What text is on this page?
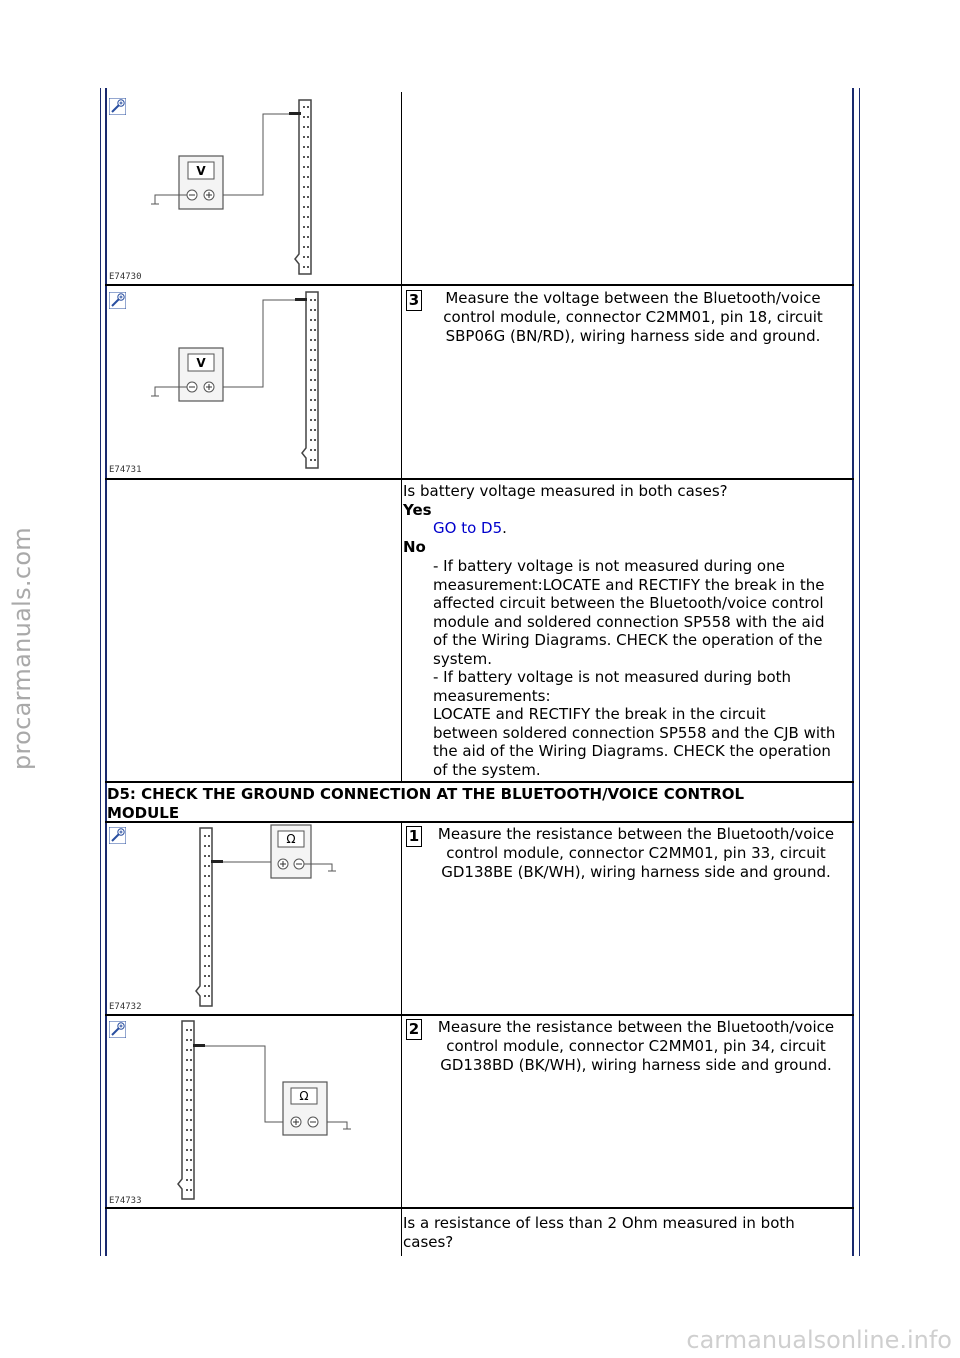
V
E74730
V
E74731
3	Measure the voltage between the Bluetooth/voice control module, connector C2MM01, pin 18, circuit SBP06G (BN/RD), wiring harness side and ground.
Is battery voltage measured in both cases?
Yes
GO to D5.
No
- If battery voltage is not measured during one
measurement:LOCATE and RECTIFY the break in the
affected circuit between the Bluetooth/voice control
module and soldered connection SP558 with the aid
of the Wiring Diagrams. CHECK the operation of the
system.
- If battery voltage is not measured during both
measurements:
LOCATE and RECTIFY the break in the circuit
between soldered connection SP558 and the CJB with
the aid of the Wiring Diagrams. CHECK the operation
of the system.
D5: CHECK THE GROUND CONNECTION AT THE BLUETOOTH/VOICE CONTROL
MODULE
Ω
E74732
1	Measure the resistance between the Bluetooth/voice control module, connector C2MM01, pin 33, circuit GD138BE (BK/WH), wiring harness side and ground.
Ω
E74733
2	Measure the resistance between the Bluetooth/voice control module, connector C2MM01, pin 34, circuit GD138BD (BK/WH), wiring harness side and ground.
Is a resistance of less than 2 Ohm measured in both
cases?
procarmanuals.com
carmanualsonline.info
